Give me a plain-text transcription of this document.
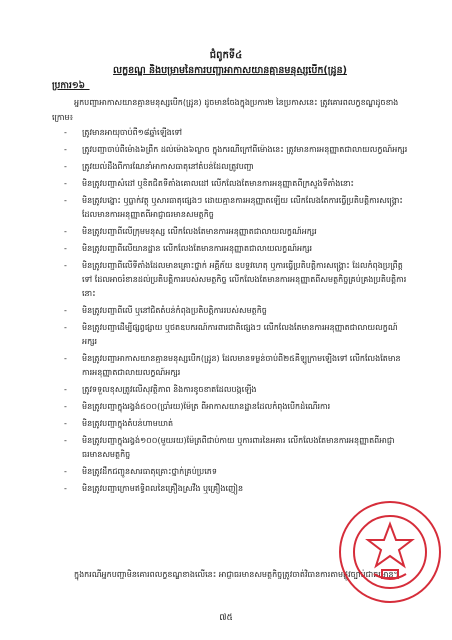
ជំពូកទី៤
លក្ខខណ្ឌ និងបម្រាមនៃការបញ្ជាអាកាសយានគ្មានមនុស្សបើក(ដ្រូន)
ប្រការ១៦_
អ្នកបញ្ជាអាកាសយានគ្មានមនុស្សបើក(ដ្រូន) ដូចមានចែងក្នុងប្រការ២ នៃប្រកាសនេះ ត្រូវគោរពលក្ខខណ្ឌដូចខាងក្រោម៖
- ត្រូវមានអាយុចាប់ពី១៨ឆ្នាំឡើងទៅ
- ត្រូវបញ្ជាចាប់ពីម៉ោង៦ព្រឹក ដល់ម៉ោង៦ល្ងាច ក្នុងករណីក្រៅពីម៉ោងនេះ ត្រូវមានការអនុញ្ញាតជាលាយលក្ខណ៍អក្សរ
- ត្រូវយល់ដឹងពីការណែនាំអាកាសធាតុនៅតំបន់ដែលត្រូវបញ្ជា
- មិនត្រូវបញ្ជាសំដៅ ឬខិតជិតទីតាំងគោលដៅ លើកលែងតែមានការអនុញ្ញាតពីក្រសួងទីតាំងនោះ
- មិនត្រូវបង្ហោះ ឬធ្លាក់វត្ថុ ឬសារធាតុផ្សេងៗ ដោយគ្មានការអនុញ្ញាតឡើយ លើកលែងតែការធ្វើប្រតិបត្តិការសង្គ្រោះ ដែលមានការអនុញ្ញាតពីអាជ្ញាធរមានសមត្ថកិច្ច
- មិនត្រូវបញ្ជាពីលើក្រុមមនុស្ស លើកលែងតែមានការអនុញ្ញាតជាលាយលក្ខណ៍អក្សរ
- មិនត្រូវបញ្ជាពីលើយានដ្ឋាន លើកលែងតែមានការអនុញ្ញាតជាលាយលក្ខណ៍អក្សរ
- មិនត្រូវបញ្ជាពីលើទីតាំងដែលមានគ្រោះថ្នាក់ អគ្គីភ័យ ឧបទ្ទវហេតុ ឬការធ្វើប្រតិបត្តិការសង្គ្រោះ ដែលកំពុងប្រព្រឹត្តទៅ ដែលអាចរំខានដល់ប្រតិបត្តិការរបស់សមត្ថកិច្ច លើកលែងតែមានការអនុញ្ញាតពីសមត្ថកិច្ចគ្រប់គ្រងប្រតិបត្តិការនោះ
- មិនត្រូវបញ្ជាពីលើ ឬនៅជិតតំបន់កំពុងប្រតិបត្តិការរបស់សមត្ថកិច្ច
- មិនត្រូវបញ្ជាដើម្បីផ្សព្វផ្សាយ ឬថតឧបករណ៍ការពារជាតិផ្សេងៗ លើកលែងតែមានការអនុញ្ញាតជាលាយលក្ខណ៍អក្សរ
- មិនត្រូវបញ្ជាអាកាសយានគ្មានមនុស្សបើក(ដ្រូន) ដែលមានទម្ងន់ចាប់ពី២៥គីឡូក្រាមឡើងទៅ លើកលែងតែមានការអនុញ្ញាតជាលាយលក្ខណ៍អក្សរ
- ត្រូវទទួលខុសត្រូវលើសុវត្ថិភាព និងការខូចខាតដែលបង្កឡើង
- មិនត្រូវបញ្ជាក្នុងរង្វង់៥០០(ប្រាំរយ)ម៉ែត្រ ពីអាកាសយានដ្ឋានដែលកំពុងបើកដំណើរការ
- មិនត្រូវបញ្ជាក្នុងតំបន់ហាមឃាត់
- មិនត្រូវបញ្ជាក្នុងរង្វង់១០០(មួយរយ)ម៉ែត្រពីជាប់កាយ ឬការពារនៃអគារ លើកលែងតែមានការអនុញ្ញាតពីអាជ្ញាធរមានសមត្ថកិច្ច
- មិនត្រូវដឹកជញ្ជូនសារធាតុគ្រោះថ្នាក់គ្រប់ប្រភេទ
- មិនត្រូវបញ្ជាក្រោមឥទ្ធិពលនៃគ្រឿងស្រវឹង ឬគ្រឿងញៀន
ក្នុងករណីអ្នកបញ្ជាមិនគោរពលក្ខខណ្ឌខាងលើនេះ អាជ្ញាធរមានសមត្ថកិច្ចត្រូវចាត់វិធានការតាមផ្លូវច្បាប់ជាធរមាន។
៧៥
